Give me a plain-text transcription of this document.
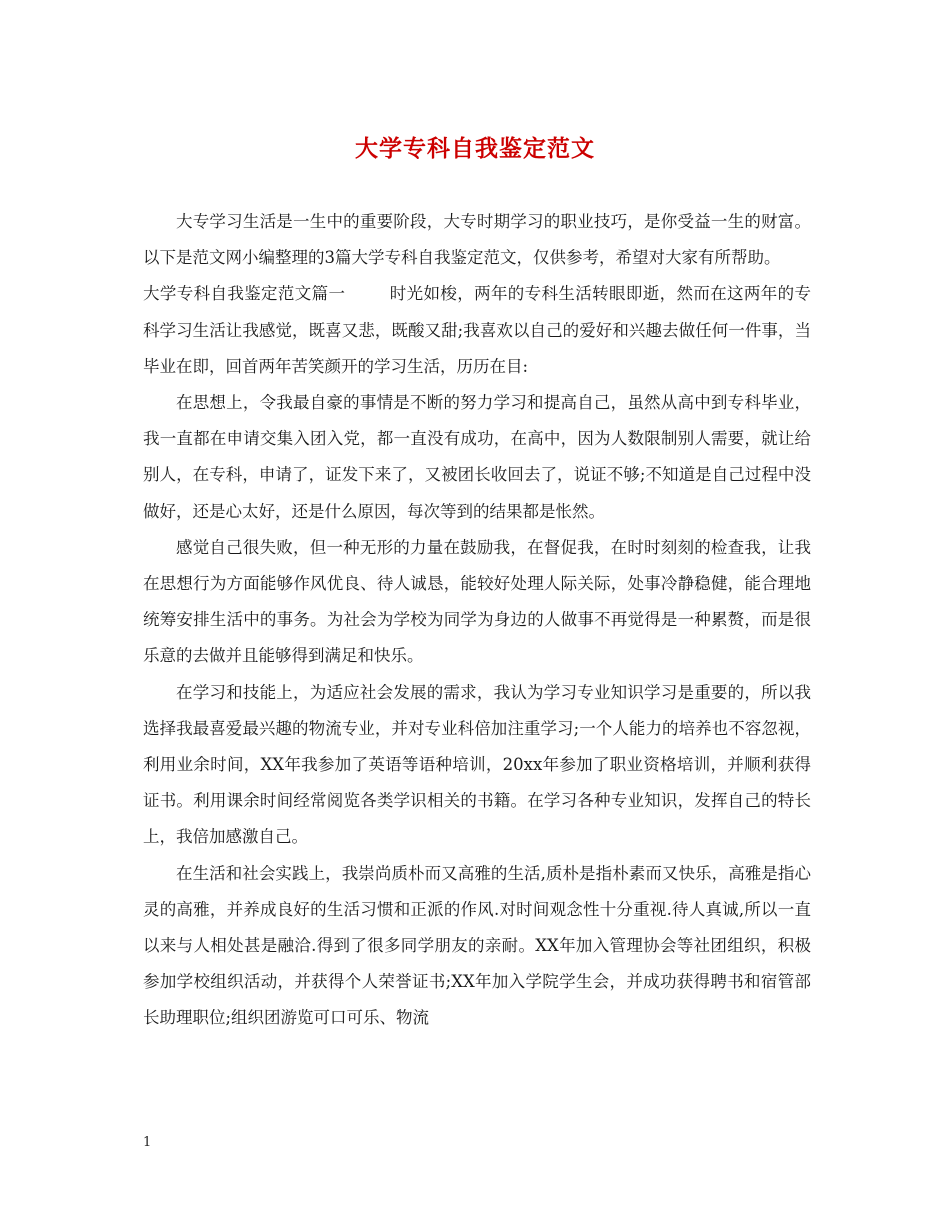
大学专科自我鉴定范文

大专学习生活是一生中的重要阶段，大专时期学习的职业技巧，是你受益一生的财富。以下是范文网小编整理的3篇大学专科自我鉴定范文，仅供参考，希望对大家有所帮助。

大学专科自我鉴定范文篇一	时光如梭，两年的专科生活转眼即逝，然而在这两年的专科学习生活让我感觉，既喜又悲，既酸又甜;我喜欢以自己的爱好和兴趣去做任何一件事，当毕业在即，回首两年苦笑颜开的学习生活，历历在目:

在思想上，令我最自豪的事情是不断的努力学习和提高自己，虽然从高中到专科毕业，我一直都在申请交集入团入党，都一直没有成功，在高中，因为人数限制别人需要，就让给别人，在专科，申请了，证发下来了，又被团长收回去了，说证不够;不知道是自己过程中没做好，还是心太好，还是什么原因，每次等到的结果都是怅然。

感觉自己很失败，但一种无形的力量在鼓励我，在督促我，在时时刻刻的检查我，让我在思想行为方面能够作风优良、待人诚恳，能较好处理人际关际，处事冷静稳健，能合理地统筹安排生活中的事务。为社会为学校为同学为身边的人做事不再觉得是一种累赘，而是很乐意的去做并且能够得到满足和快乐。

在学习和技能上，为适应社会发展的需求，我认为学习专业知识学习是重要的，所以我选择我最喜爱最兴趣的物流专业，并对专业科倍加注重学习;一个人能力的培养也不容忽视，利用业余时间，XX年我参加了英语等语种培训，20xx年参加了职业资格培训，并顺利获得证书。利用课余时间经常阅览各类学识相关的书籍。在学习各种专业知识，发挥自己的特长上，我倍加感激自己。

在生活和社会实践上，我崇尚质朴而又高雅的生活,质朴是指朴素而又快乐，高雅是指心灵的高雅，并养成良好的生活习惯和正派的作风.对时间观念性十分重视.待人真诚,所以一直以来与人相处甚是融洽.得到了很多同学朋友的亲耐。XX年加入管理协会等社团组织，积极参加学校组织活动，并获得个人荣誉证书;XX年加入学院学生会，并成功获得聘书和宿管部长助理职位;组织团游览可口可乐、物流

1
